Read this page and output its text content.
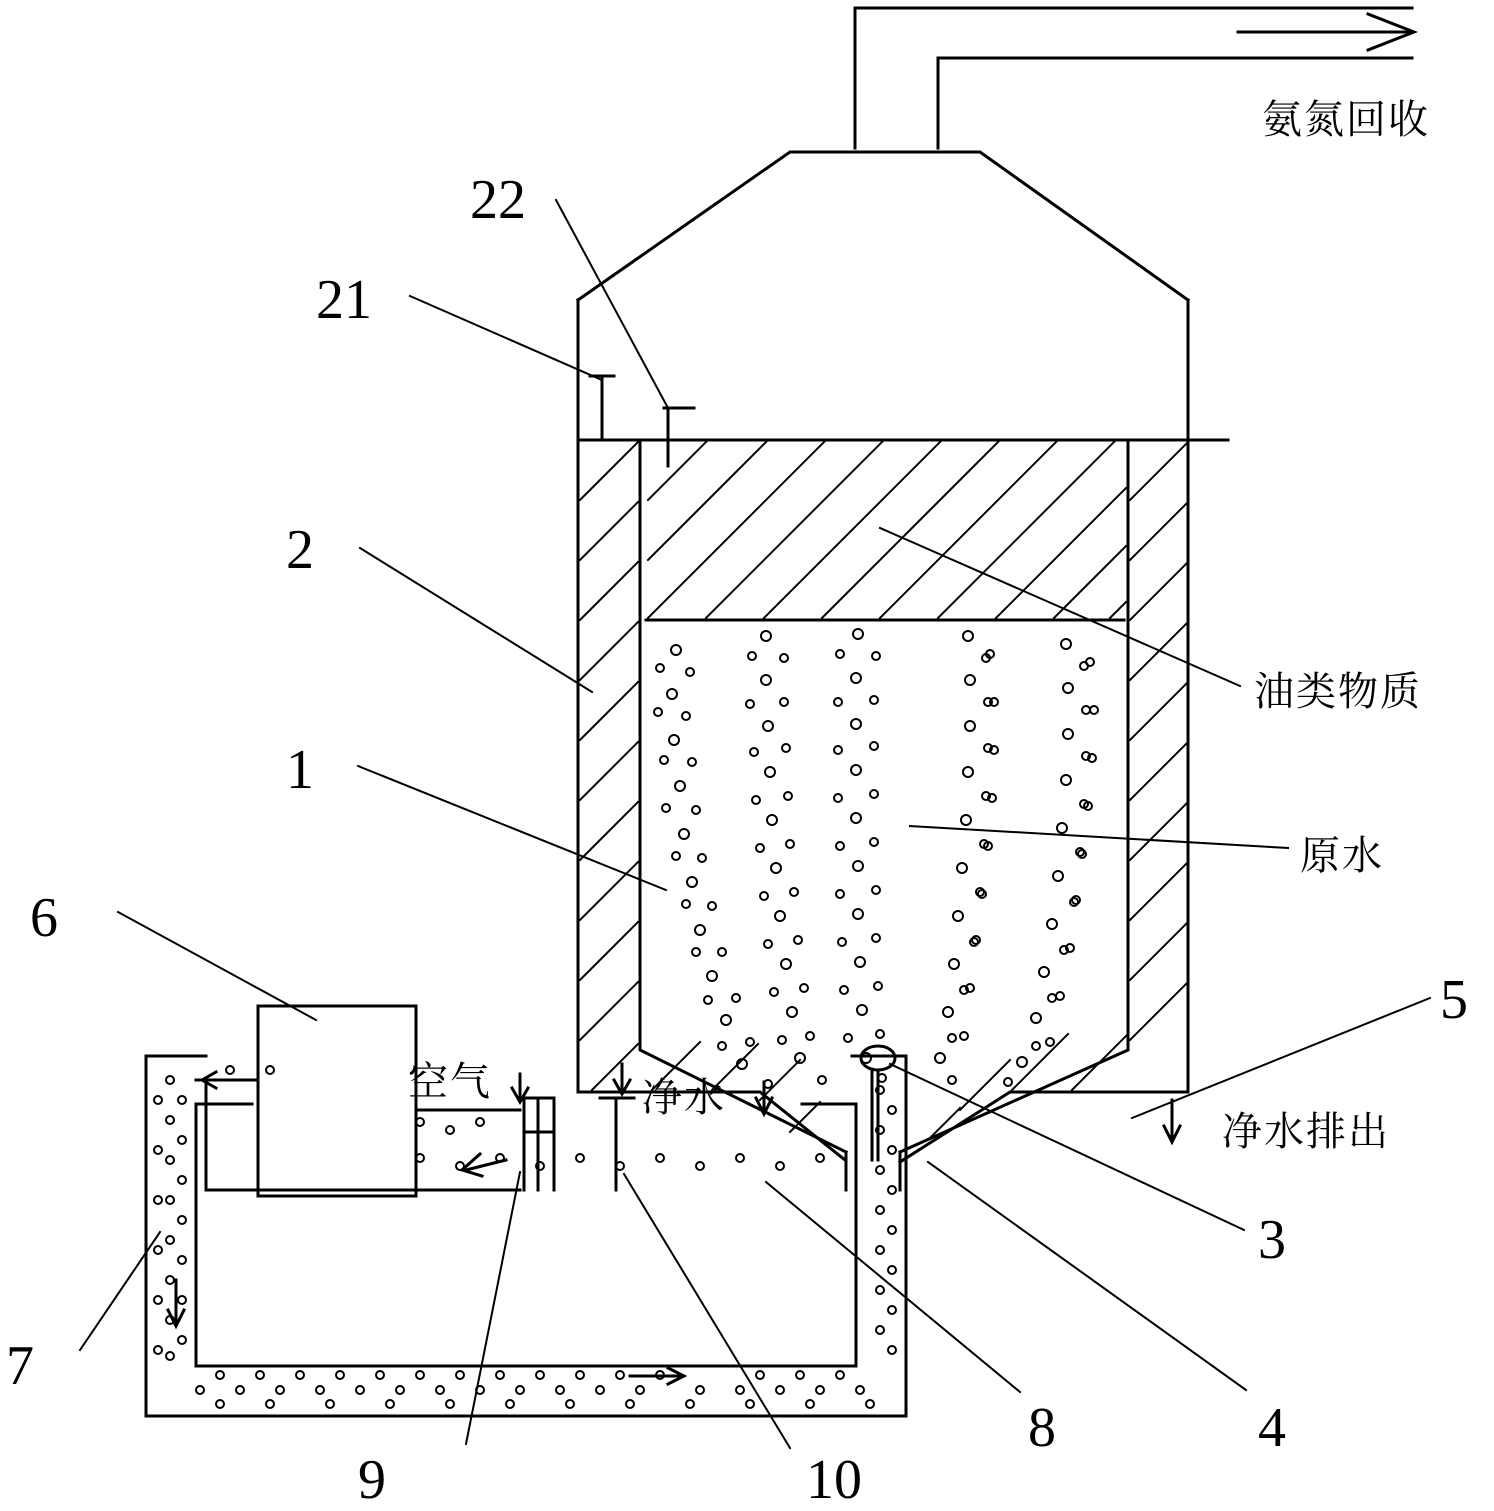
22
21
2
1
6
5
3
7
8	4
9	10
氨氮回收
油类物质
原水
净水排出
空气	净水
